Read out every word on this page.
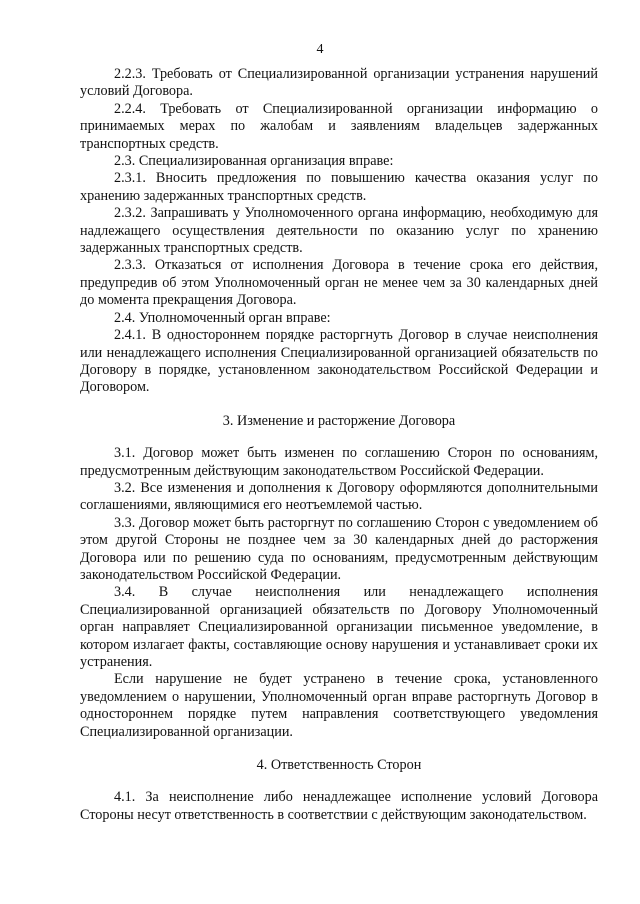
4

2.2.3. Требовать от Специализированной организации устранения нарушений условий Договора.

2.2.4. Требовать от Специализированной организации информацию о принимаемых мерах по жалобам и заявлениям владельцев задержанных транспортных средств.

2.3. Специализированная организация вправе:

2.3.1. Вносить предложения по повышению качества оказания услуг по хранению задержанных транспортных средств.

2.3.2. Запрашивать у Уполномоченного органа информацию, необходимую для надлежащего осуществления деятельности по оказанию услуг по хранению задержанных транспортных средств.

2.3.3. Отказаться от исполнения Договора в течение срока его действия, предупредив об этом Уполномоченный орган не менее чем за 30 календарных дней до момента прекращения Договора.

2.4. Уполномоченный орган вправе:

2.4.1. В одностороннем порядке расторгнуть Договор в случае неисполнения или ненадлежащего исполнения Специализированной организацией обязательств по Договору в порядке, установленном законодательством Российской Федерации и Договором.

3. Изменение и расторжение Договора

3.1. Договор может быть изменен по соглашению Сторон по основаниям, предусмотренным действующим законодательством Российской Федерации.

3.2. Все изменения и дополнения к Договору оформляются дополнительными соглашениями, являющимися его неотъемлемой частью.

3.3. Договор может быть расторгнут по соглашению Сторон с уведомлением об этом другой Стороны не позднее чем за 30 календарных дней до расторжения Договора или по решению суда по основаниям, предусмотренным действующим законодательством Российской Федерации.

3.4. В случае неисполнения или ненадлежащего исполнения Специализированной организацией обязательств по Договору Уполномоченный орган направляет Специализированной организации письменное уведомление, в котором излагает факты, составляющие основу нарушения и устанавливает сроки их устранения.

Если нарушение не будет устранено в течение срока, установленного уведомлением о нарушении, Уполномоченный орган вправе расторгнуть Договор в одностороннем порядке путем направления соответствующего уведомления Специализированной организации.

4. Ответственность Сторон

4.1. За неисполнение либо ненадлежащее исполнение условий Договора Стороны несут ответственность в соответствии с действующим законодательством.
